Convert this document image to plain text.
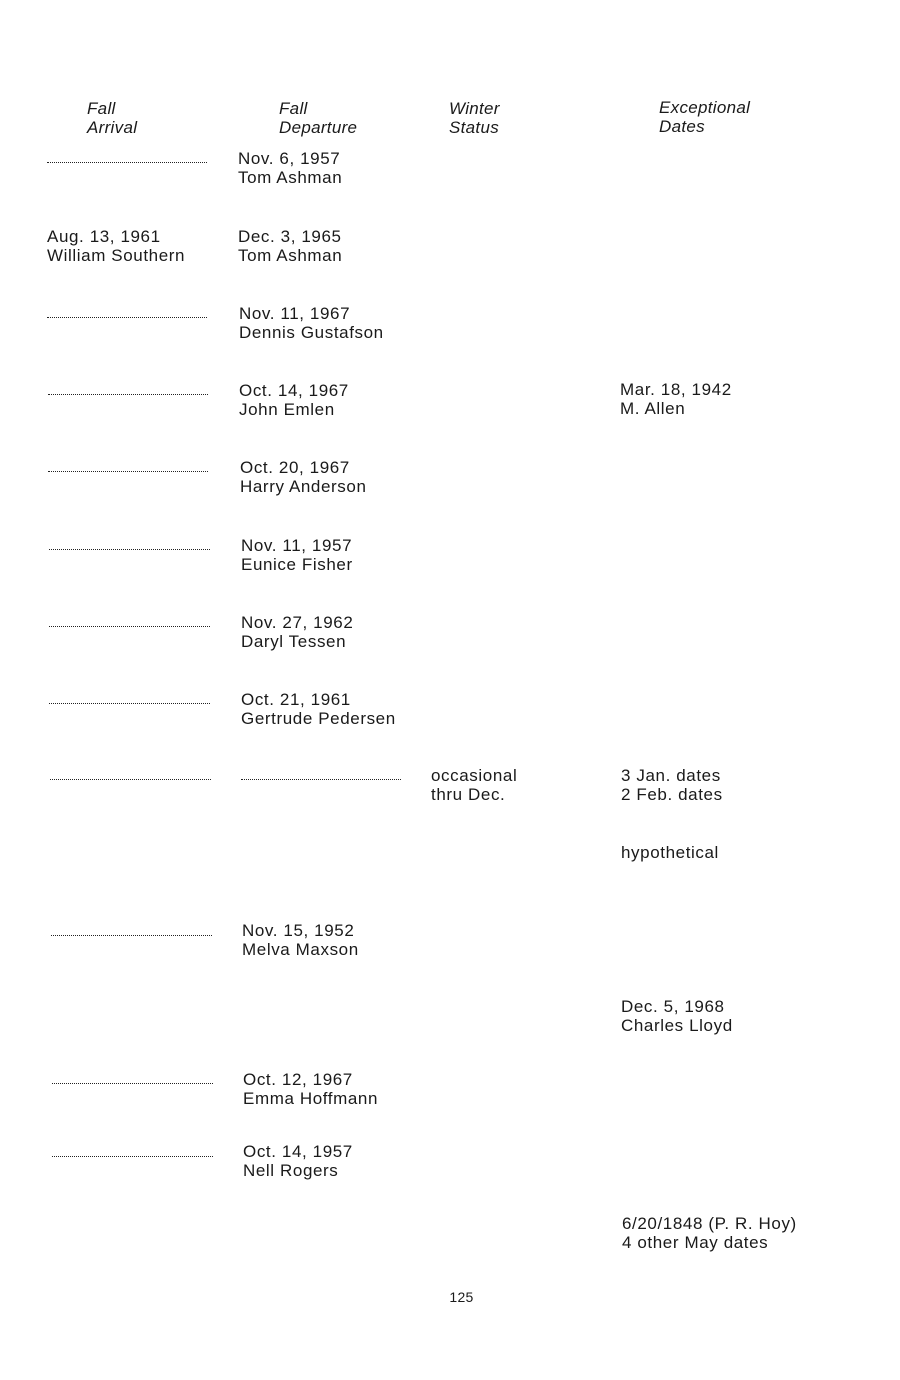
Fall
Arrival
Fall
Departure
Winter
Status
Exceptional
Dates
Nov. 6, 1957
Tom Ashman
Aug. 13, 1961
William Southern
Dec. 3, 1965
Tom Ashman
Nov. 11, 1967
Dennis Gustafson
Oct. 14, 1967
John Emlen
Mar. 18, 1942
M. Allen
Oct. 20, 1967
Harry Anderson
Nov. 11, 1957
Eunice Fisher
Nov. 27, 1962
Daryl Tessen
Oct. 21, 1961
Gertrude Pedersen
occasional
thru Dec.
3 Jan. dates
2 Feb. dates
hypothetical
Nov. 15, 1952
Melva Maxson
Dec. 5, 1968
Charles Lloyd
Oct. 12, 1967
Emma Hoffmann
Oct. 14, 1957
Nell Rogers
6/20/1848 (P. R. Hoy)
4 other May dates
125
